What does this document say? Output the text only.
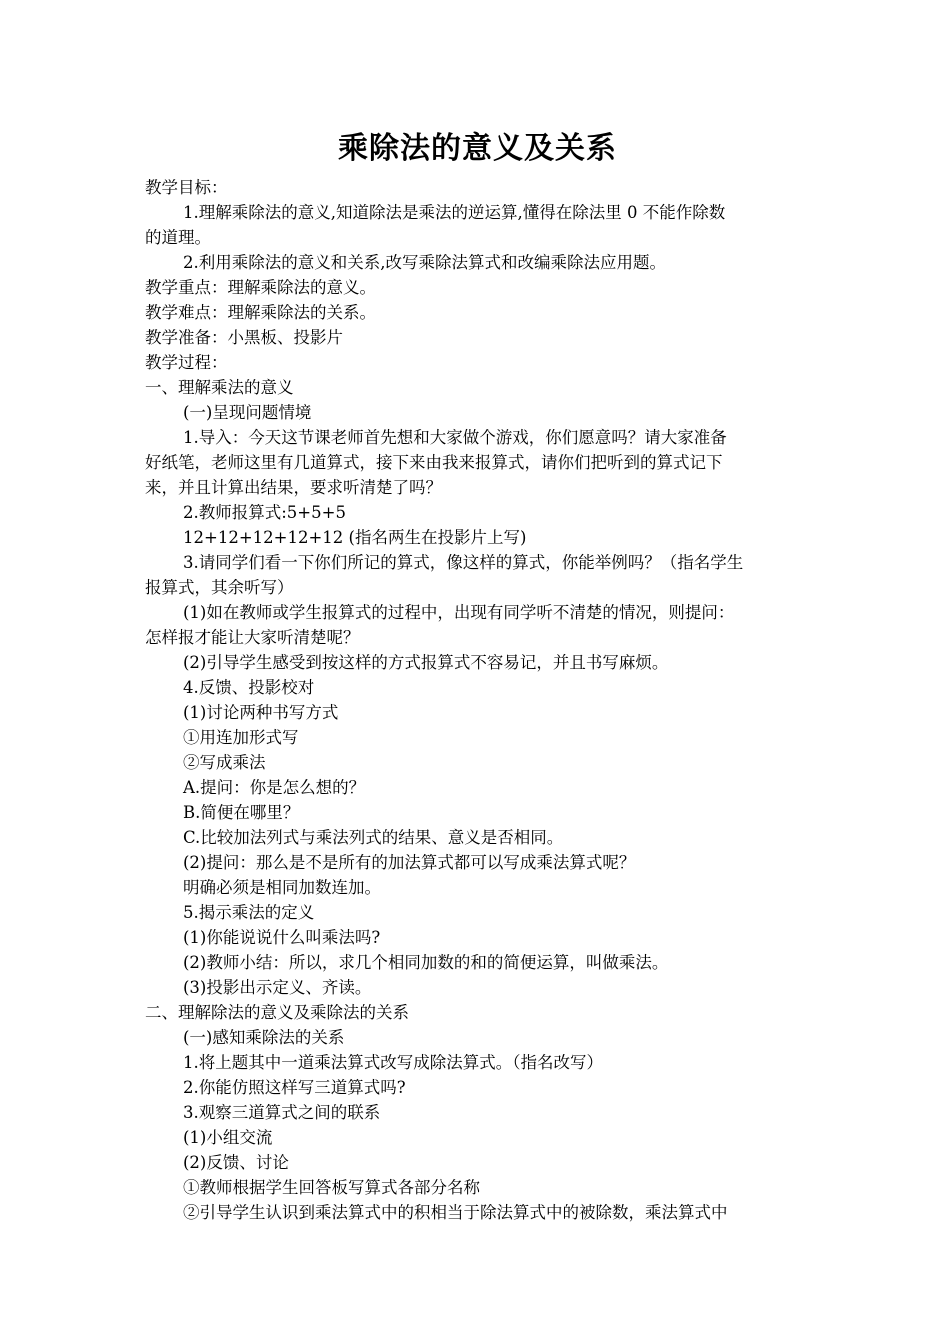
乘除法的意义及关系

教学目标：

1.理解乘除法的意义,知道除法是乘法的逆运算,懂得在除法里 0 不能作除数

的道理。

2.利用乘除法的意义和关系,改写乘除法算式和改编乘除法应用题。

教学重点：理解乘除法的意义。

教学难点：理解乘除法的关系。

教学准备：小黑板、投影片

教学过程：

一、理解乘法的意义

(一)呈现问题情境

1.导入：今天这节课老师首先想和大家做个游戏，你们愿意吗？请大家准备

好纸笔，老师这里有几道算式，接下来由我来报算式，请你们把听到的算式记下

来，并且计算出结果，要求听清楚了吗？

2.教师报算式:5+5+5

12+12+12+12+12 (指名两生在投影片上写)

3.请同学们看一下你们所记的算式，像这样的算式，你能举例吗？（指名学生

报算式，其余听写）

(1)如在教师或学生报算式的过程中，出现有同学听不清楚的情况，则提问：

怎样报才能让大家听清楚呢？

(2)引导学生感受到按这样的方式报算式不容易记，并且书写麻烦。

4.反馈、投影校对

(1)讨论两种书写方式

①用连加形式写

②写成乘法

A.提问：你是怎么想的？

B.简便在哪里？

C.比较加法列式与乘法列式的结果、意义是否相同。

(2)提问：那么是不是所有的加法算式都可以写成乘法算式呢？

明确必须是相同加数连加。

5.揭示乘法的定义

(1)你能说说什么叫乘法吗?

(2)教师小结：所以，求几个相同加数的和的简便运算，叫做乘法。

(3)投影出示定义、齐读。

二、理解除法的意义及乘除法的关系

(一)感知乘除法的关系

1.将上题其中一道乘法算式改写成除法算式。（指名改写）

2.你能仿照这样写三道算式吗?

3.观察三道算式之间的联系

(1)小组交流

(2)反馈、讨论

①教师根据学生回答板写算式各部分名称

②引导学生认识到乘法算式中的积相当于除法算式中的被除数，乘法算式中
